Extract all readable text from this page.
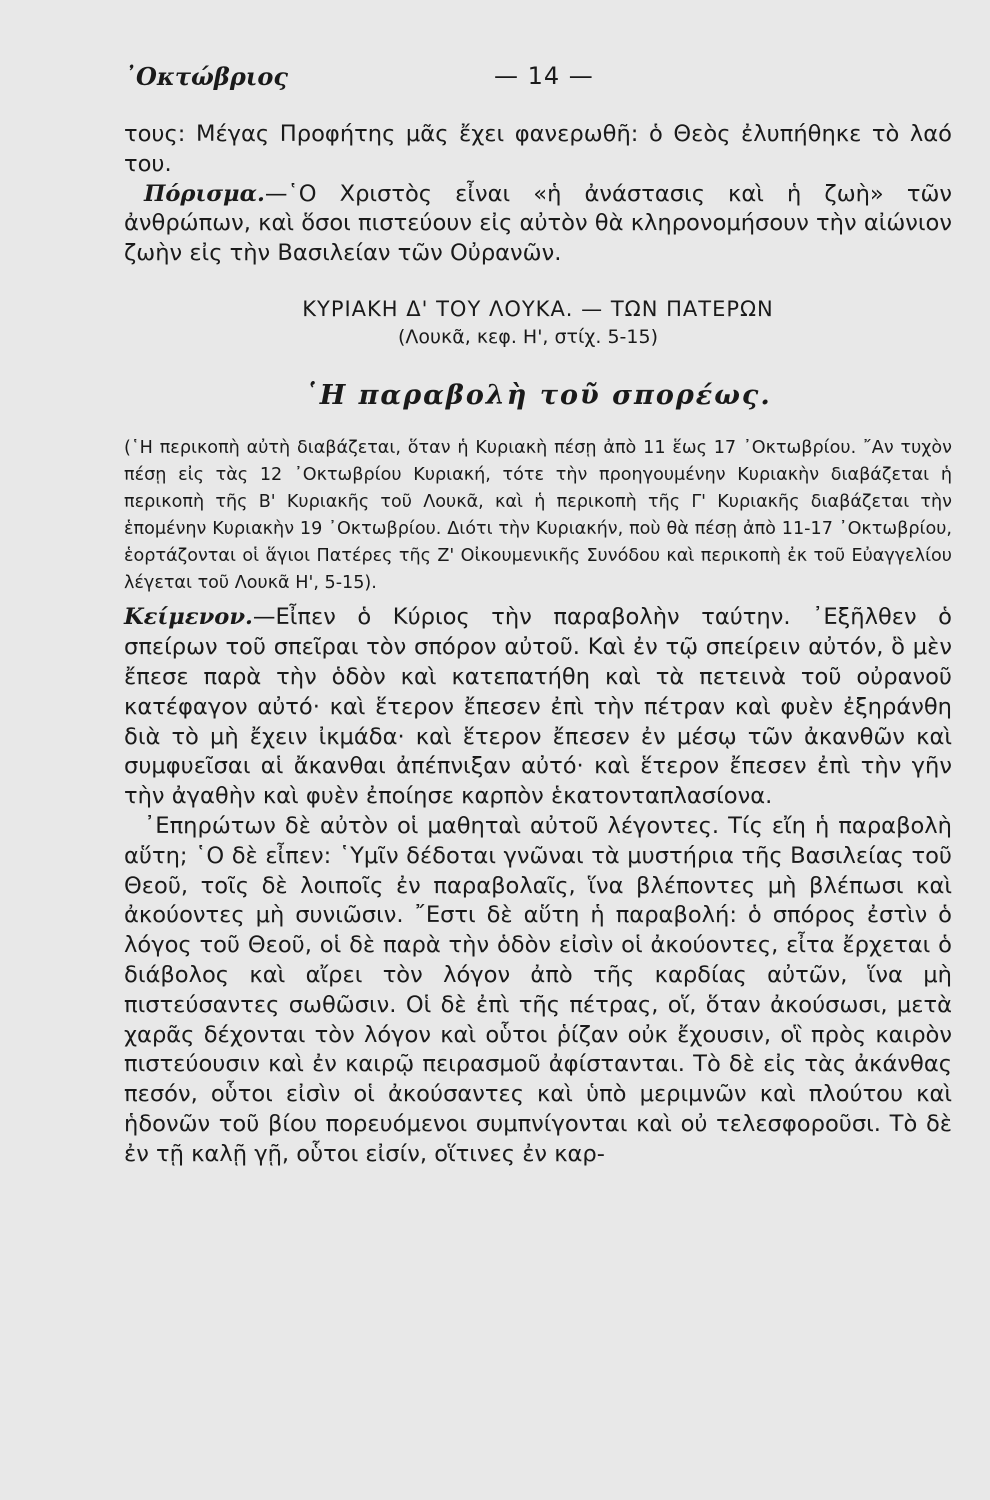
᾿Οκτώβριος	— 14 —

τους: Μέγας Προφήτης μᾶς ἔχει φανερωθῆ: ὁ Θεὸς ἐλυπήθηκε τὸ λαό του.

Πόρισμα.—῾Ο Χριστὸς εἶναι «ἡ ἀνάστασις καὶ ἡ ζωὴ» τῶν ἀνθρώπων, καὶ ὅσοι πιστεύουν εἰς αὐτὸν θὰ κληρονομήσουν τὴν αἰώνιον ζωὴν εἰς τὴν Βασιλείαν τῶν Οὐρανῶν.

ΚΥΡΙΑΚΗ Δ' ΤΟΥ ΛΟΥΚΑ. — ΤΩΝ ΠΑΤΕΡΩΝ
(Λουκᾶ, κεφ. Η', στίχ. 5-15)
῾Η παραβολὴ τοῦ σπορέως.

(῾Η περικοπὴ αὐτὴ διαβάζεται, ὅταν ἡ Κυριακὴ πέσῃ ἀπὸ 11 ἕως 17 ᾿Οκτωβρίου. ῎Αν τυχὸν πέσῃ εἰς τὰς 12 ᾿Οκτωβρίου Κυριακή, τότε τὴν προηγουμένην Κυριακὴν διαβάζεται ἡ περικοπὴ τῆς Β' Κυριακῆς τοῦ Λουκᾶ, καὶ ἡ περικοπὴ τῆς Γ' Κυριακῆς διαβάζεται τὴν ἑπομένην Κυριακὴν 19 ᾿Οκτωβρίου. Διότι τὴν Κυριακήν, ποὺ θὰ πέσῃ ἀπὸ 11-17 ᾿Οκτωβρίου, ἑορτάζονται οἱ ἅγιοι Πατέρες τῆς Ζ' Οἰκουμενικῆς Συνόδου καὶ περικοπὴ ἐκ τοῦ Εὐαγγελίου λέγεται τοῦ Λουκᾶ Η', 5-15).

Κείμενον.—Εἶπεν ὁ Κύριος τὴν παραβολὴν ταύτην. ᾿Εξῆλθεν ὁ σπείρων τοῦ σπεῖραι τὸν σπόρον αὐτοῦ. Καὶ ἐν τῷ σπείρειν αὐτόν, ὃ μὲν ἔπεσε παρὰ τὴν ὁδὸν καὶ κατεπατήθη καὶ τὰ πετεινὰ τοῦ οὐρανοῦ κατέφαγον αὐτό· καὶ ἕτερον ἔπεσεν ἐπὶ τὴν πέτραν καὶ φυὲν ἐξηράνθη διὰ τὸ μὴ ἔχειν ἰκμάδα· καὶ ἕτερον ἔπεσεν ἐν μέσῳ τῶν ἀκανθῶν καὶ συμφυεῖσαι αἱ ἄκανθαι ἀπέπνιξαν αὐτό· καὶ ἕτερον ἔπεσεν ἐπὶ τὴν γῆν τὴν ἀγαθὴν καὶ φυὲν ἐποίησε καρπὸν ἑκατονταπλασίονα.

᾿Επηρώτων δὲ αὐτὸν οἱ μαθηταὶ αὐτοῦ λέγοντες. Τίς εἴη ἡ παραβολὴ αὕτη; ῾Ο δὲ εἶπεν: ῾Υμῖν δέδοται γνῶναι τὰ μυστήρια τῆς Βασιλείας τοῦ Θεοῦ, τοῖς δὲ λοιποῖς ἐν παραβολαῖς, ἵνα βλέποντες μὴ βλέπωσι καὶ ἀκούοντες μὴ συνιῶσιν. ῎Εστι δὲ αὕτη ἡ παραβολή: ὁ σπόρος ἐστὶν ὁ λόγος τοῦ Θεοῦ, οἱ δὲ παρὰ τὴν ὁδὸν εἰσὶν οἱ ἀκούοντες, εἶτα ἔρχεται ὁ διάβολος καὶ αἴρει τὸν λόγον ἀπὸ τῆς καρδίας αὐτῶν, ἵνα μὴ πιστεύσαντες σωθῶσιν. Οἱ δὲ ἐπὶ τῆς πέτρας, οἵ, ὅταν ἀκούσωσι, μετὰ χαρᾶς δέχονται τὸν λόγον καὶ οὗτοι ῥίζαν οὐκ ἔχουσιν, οἳ πρὸς καιρὸν πιστεύουσιν καὶ ἐν καιρῷ πειρασμοῦ ἀφίστανται. Τὸ δὲ εἰς τὰς ἀκάνθας πεσόν, οὗτοι εἰσὶν οἱ ἀκούσαντες καὶ ὑπὸ μεριμνῶν καὶ πλούτου καὶ ἡδονῶν τοῦ βίου πορευόμενοι συμπνίγονται καὶ οὐ τελεσφοροῦσι. Τὸ δὲ ἐν τῇ καλῇ γῇ, οὗτοι εἰσίν, οἵτινες ἐν καρ-
